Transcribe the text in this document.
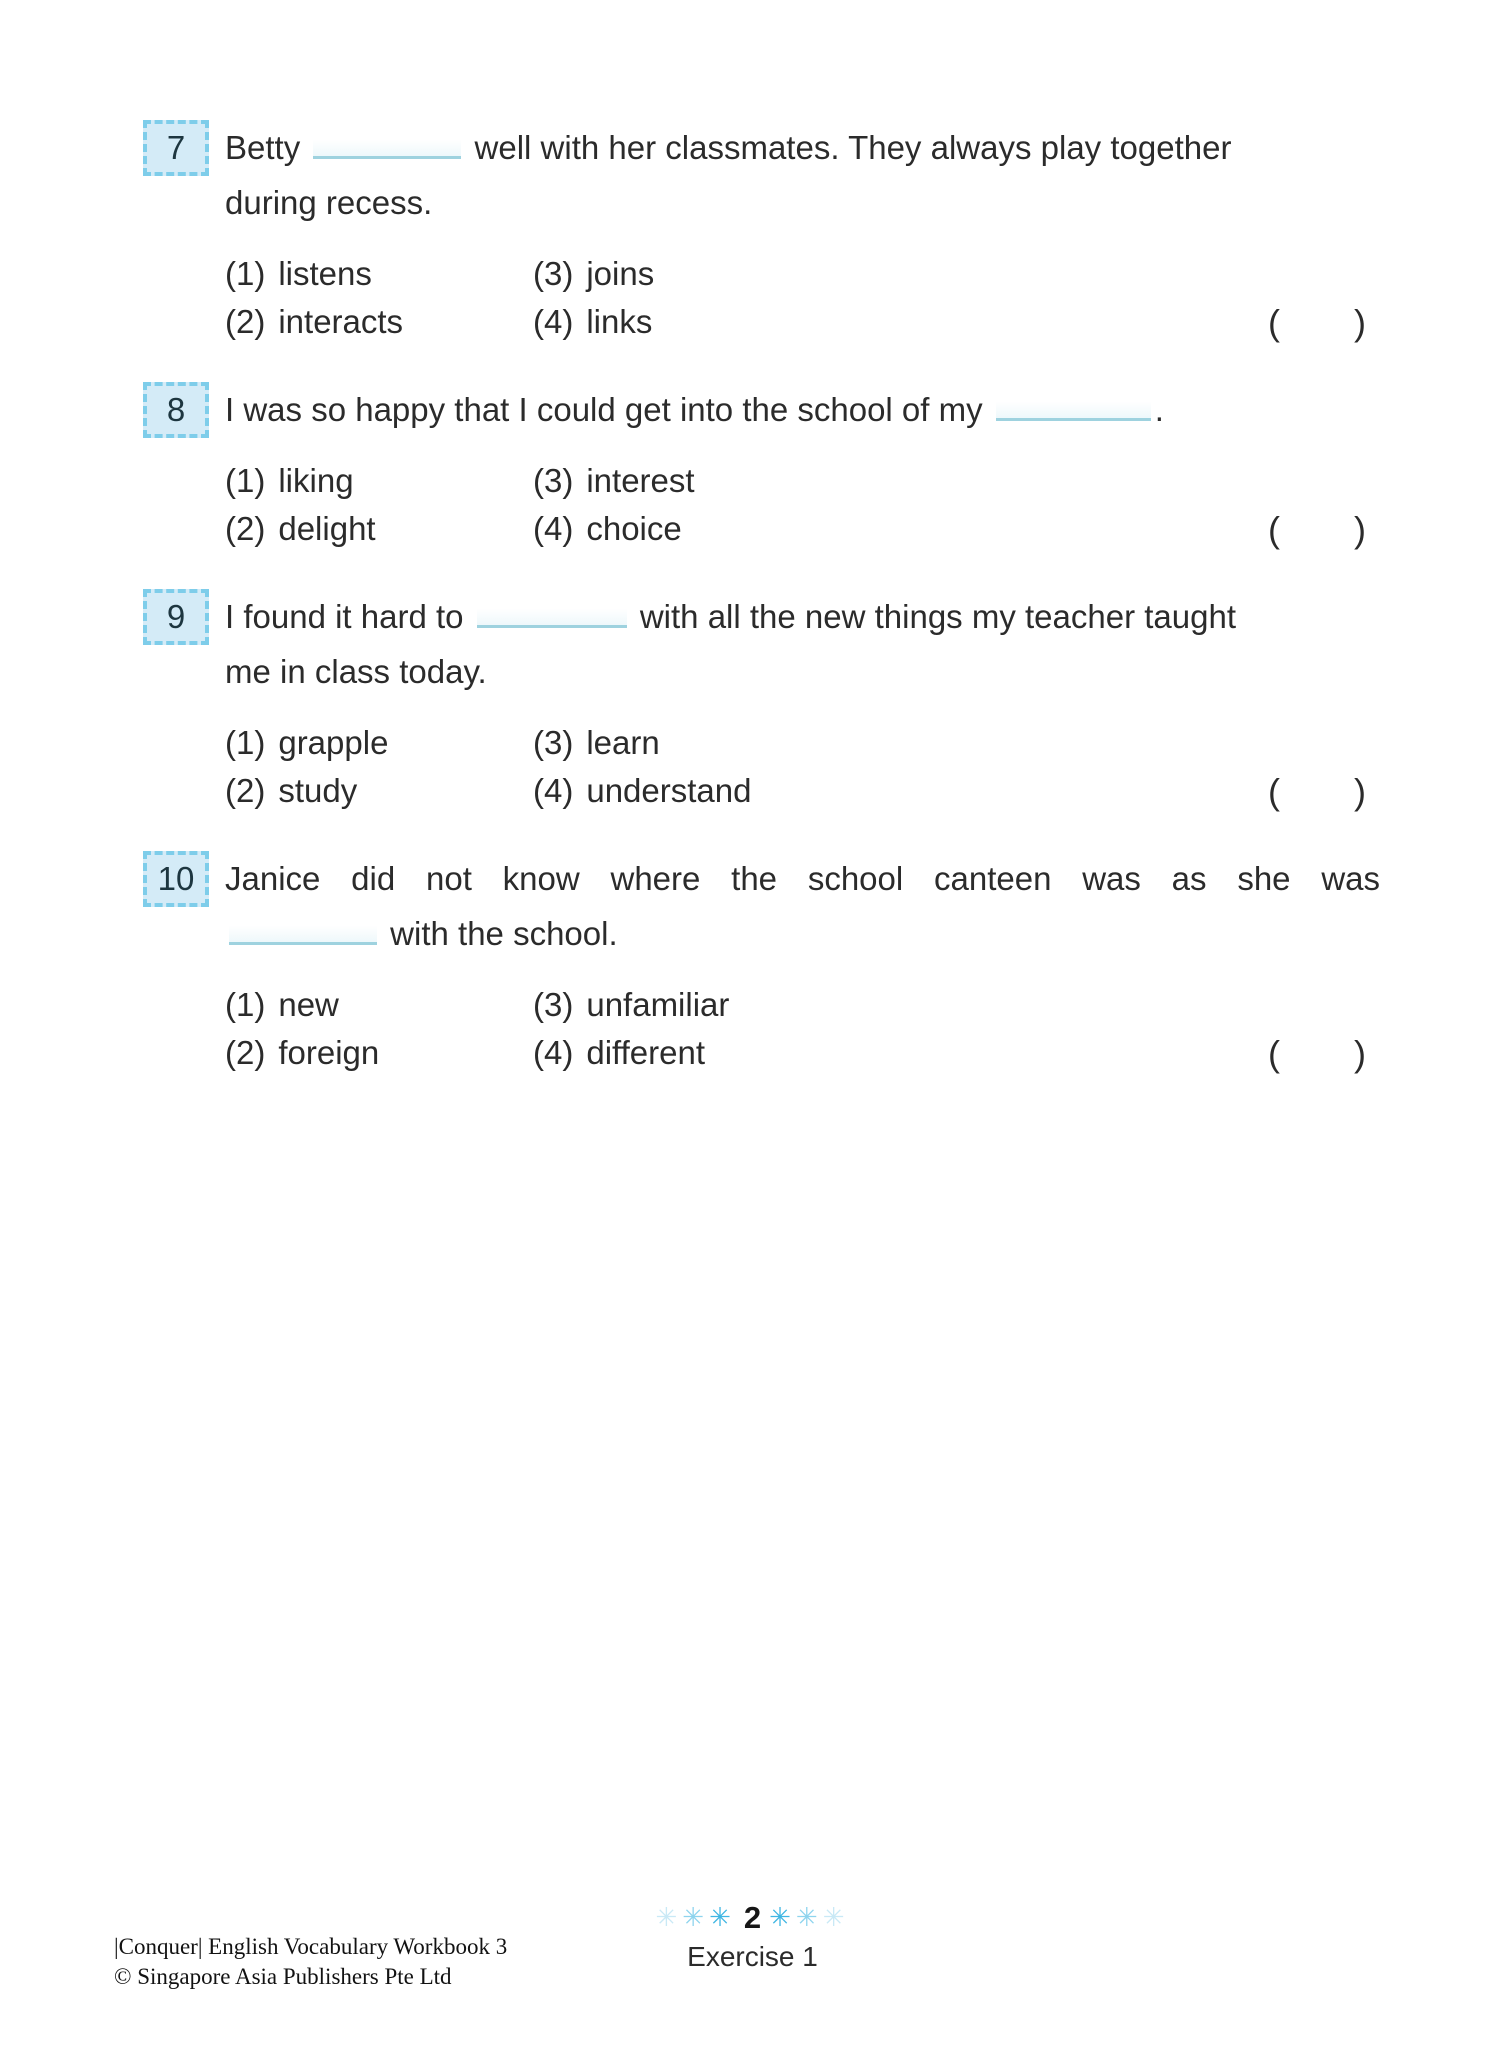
7	Betty	well with her classmates. They always play together
during recess.
(1) listens	(3) joins
(2) interacts	(4) links	( )
8	I was so happy that I could get into the school of my	.
(1) liking	(3) interest
(2) delight	(4) choice	( )
9	I found it hard to	with all the new things my teacher taught
me in class today.
(1) grapple	(3) learn
(2) study	(4) understand	( )
10 Janice did not know where the school canteen was as she was
with the school.
(1) new	(3) unfamiliar
(2) foreign	(4) different	( )
✳✳✳ 2 ✳✳✳
Exercise 1
|Conquer| English Vocabulary Workbook 3
© Singapore Asia Publishers Pte Ltd
